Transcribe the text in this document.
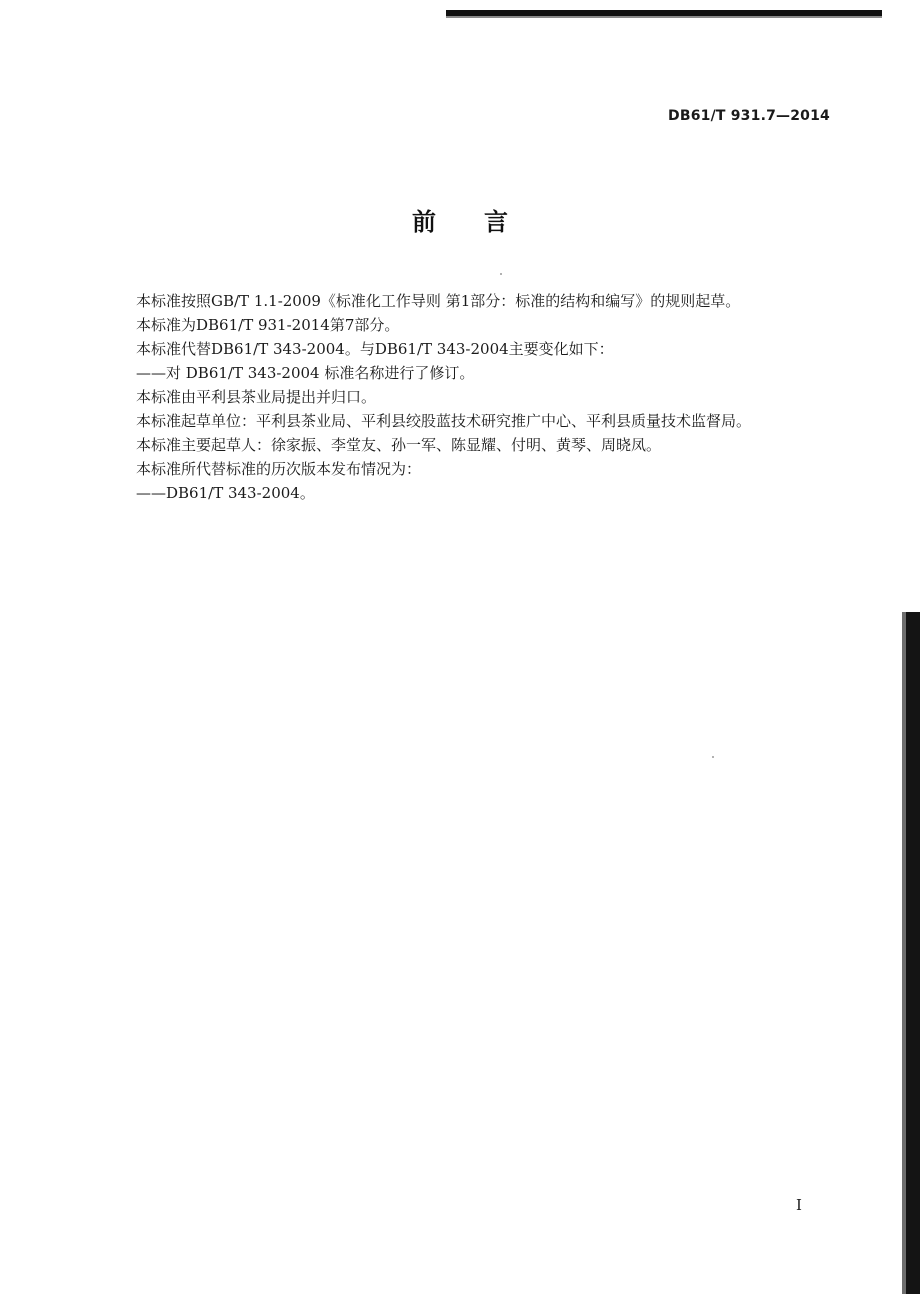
DB61/T 931.7—2014
前言
本标准按照GB/T 1.1-2009《标准化工作导则 第1部分：标准的结构和编写》的规则起草。
本标准为DB61/T 931-2014第7部分。
本标准代替DB61/T 343-2004。与DB61/T 343-2004主要变化如下：
——对 DB61/T 343-2004 标准名称进行了修订。
本标准由平利县茶业局提出并归口。
本标准起草单位：平利县茶业局、平利县绞股蓝技术研究推广中心、平利县质量技术监督局。
本标准主要起草人：徐家振、李堂友、孙一军、陈显耀、付明、黄琴、周晓凤。
本标准所代替标准的历次版本发布情况为：
——DB61/T 343-2004。
I
